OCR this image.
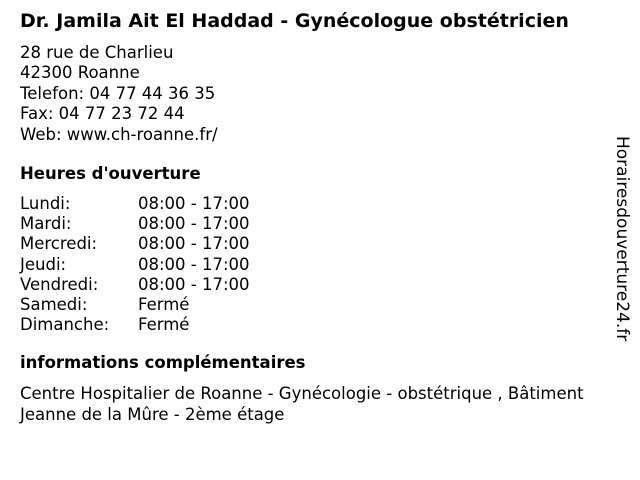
Dr. Jamila Ait El Haddad - Gynécologue obstétricien
28 rue de Charlieu
42300 Roanne
Telefon: 04 77 44 36 35
Fax: 04 77 23 72 44
Web: www.ch-roanne.fr/
Heures d'ouverture
Lundi:	08:00 - 17:00
Mardi:	08:00 - 17:00
Mercredi:	08:00 - 17:00
Jeudi:	08:00 - 17:00
Vendredi:	08:00 - 17:00
Samedi:	Fermé
Dimanche:	Fermé
informations complémentaires
Centre Hospitalier de Roanne - Gynécologie - obstétrique , Bâtiment Jeanne de la Mûre - 2ème étage
Horairesdouverture24.fr
